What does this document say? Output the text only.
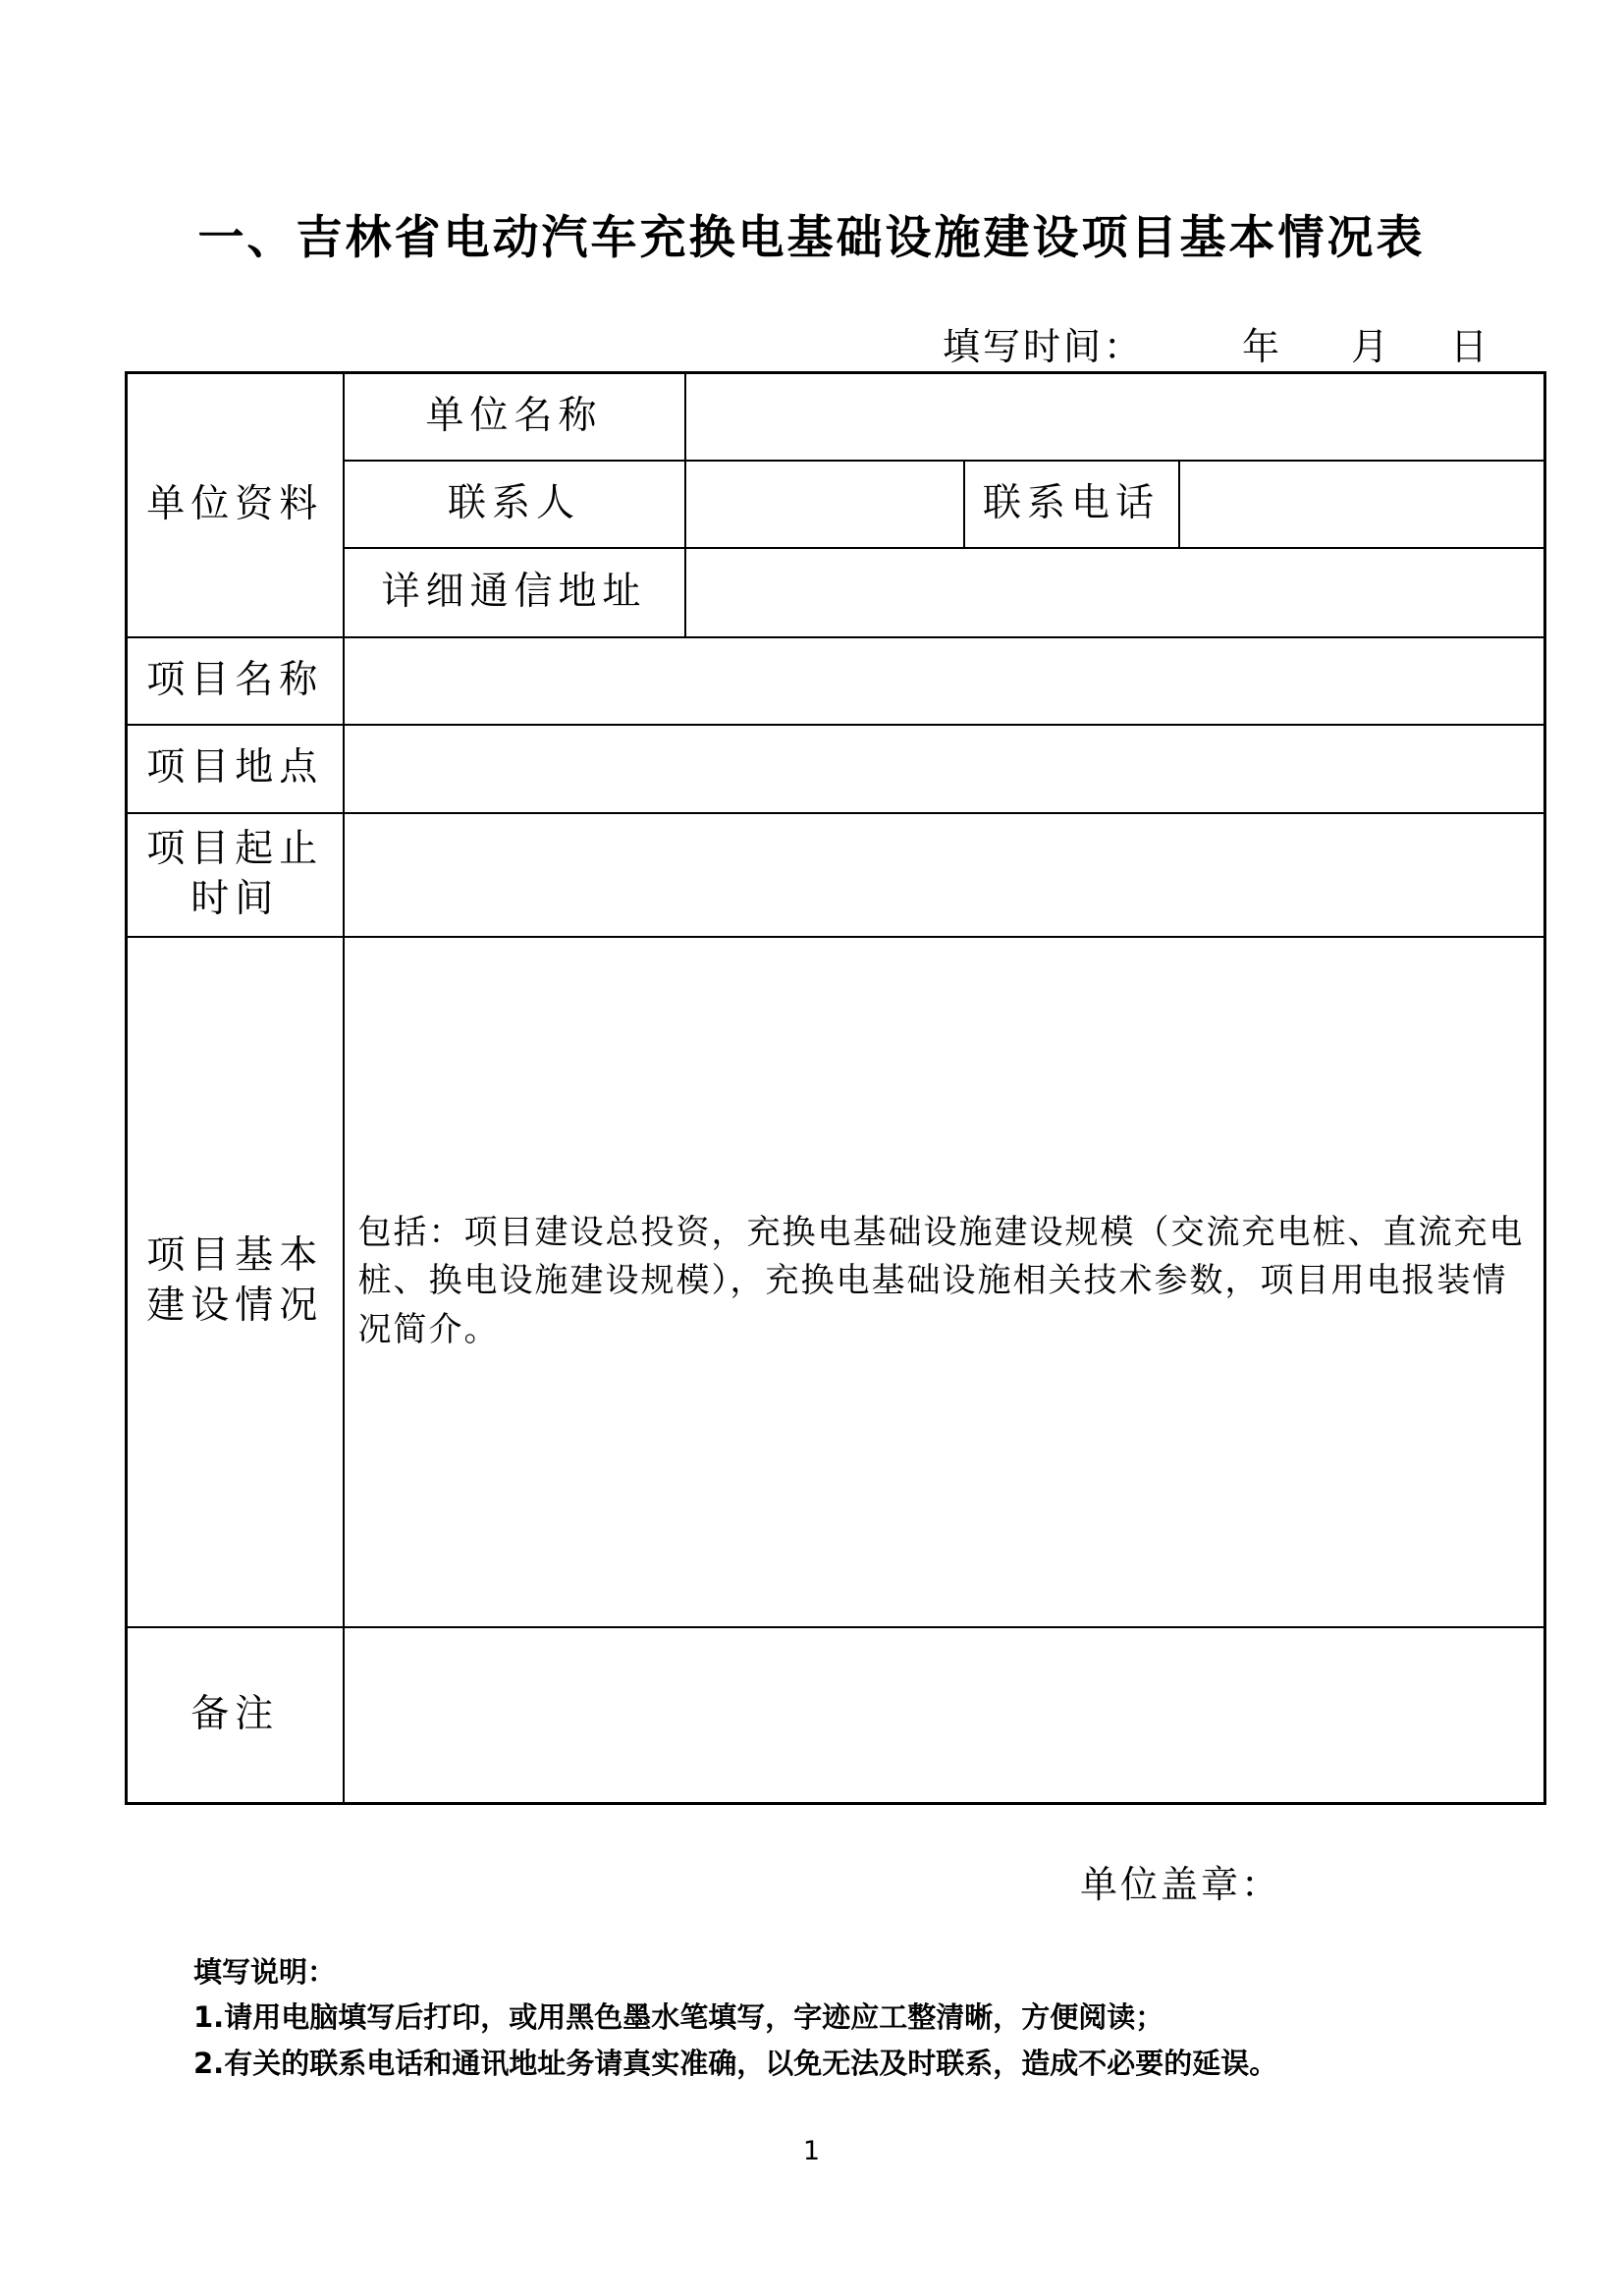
一、吉林省电动汽车充换电基础设施建设项目基本情况表
填写时间：	年 月 日
单位资料	单位名称			
	联系人		联系电话	
	详细通信地址			
项目名称				
项目地点				
项目起止时间				
项目基本建设情况	包括：项目建设总投资，充换电基础设施建设规模（交流充电桩、直流充电桩、换电设施建设规模），充换电基础设施相关技术参数，项目用电报装情况简介。			
备注				
单位盖章：
填写说明：
1.请用电脑填写后打印，或用黑色墨水笔填写，字迹应工整清晰，方便阅读；
2.有关的联系电话和通讯地址务请真实准确，以免无法及时联系，造成不必要的延误。
1
